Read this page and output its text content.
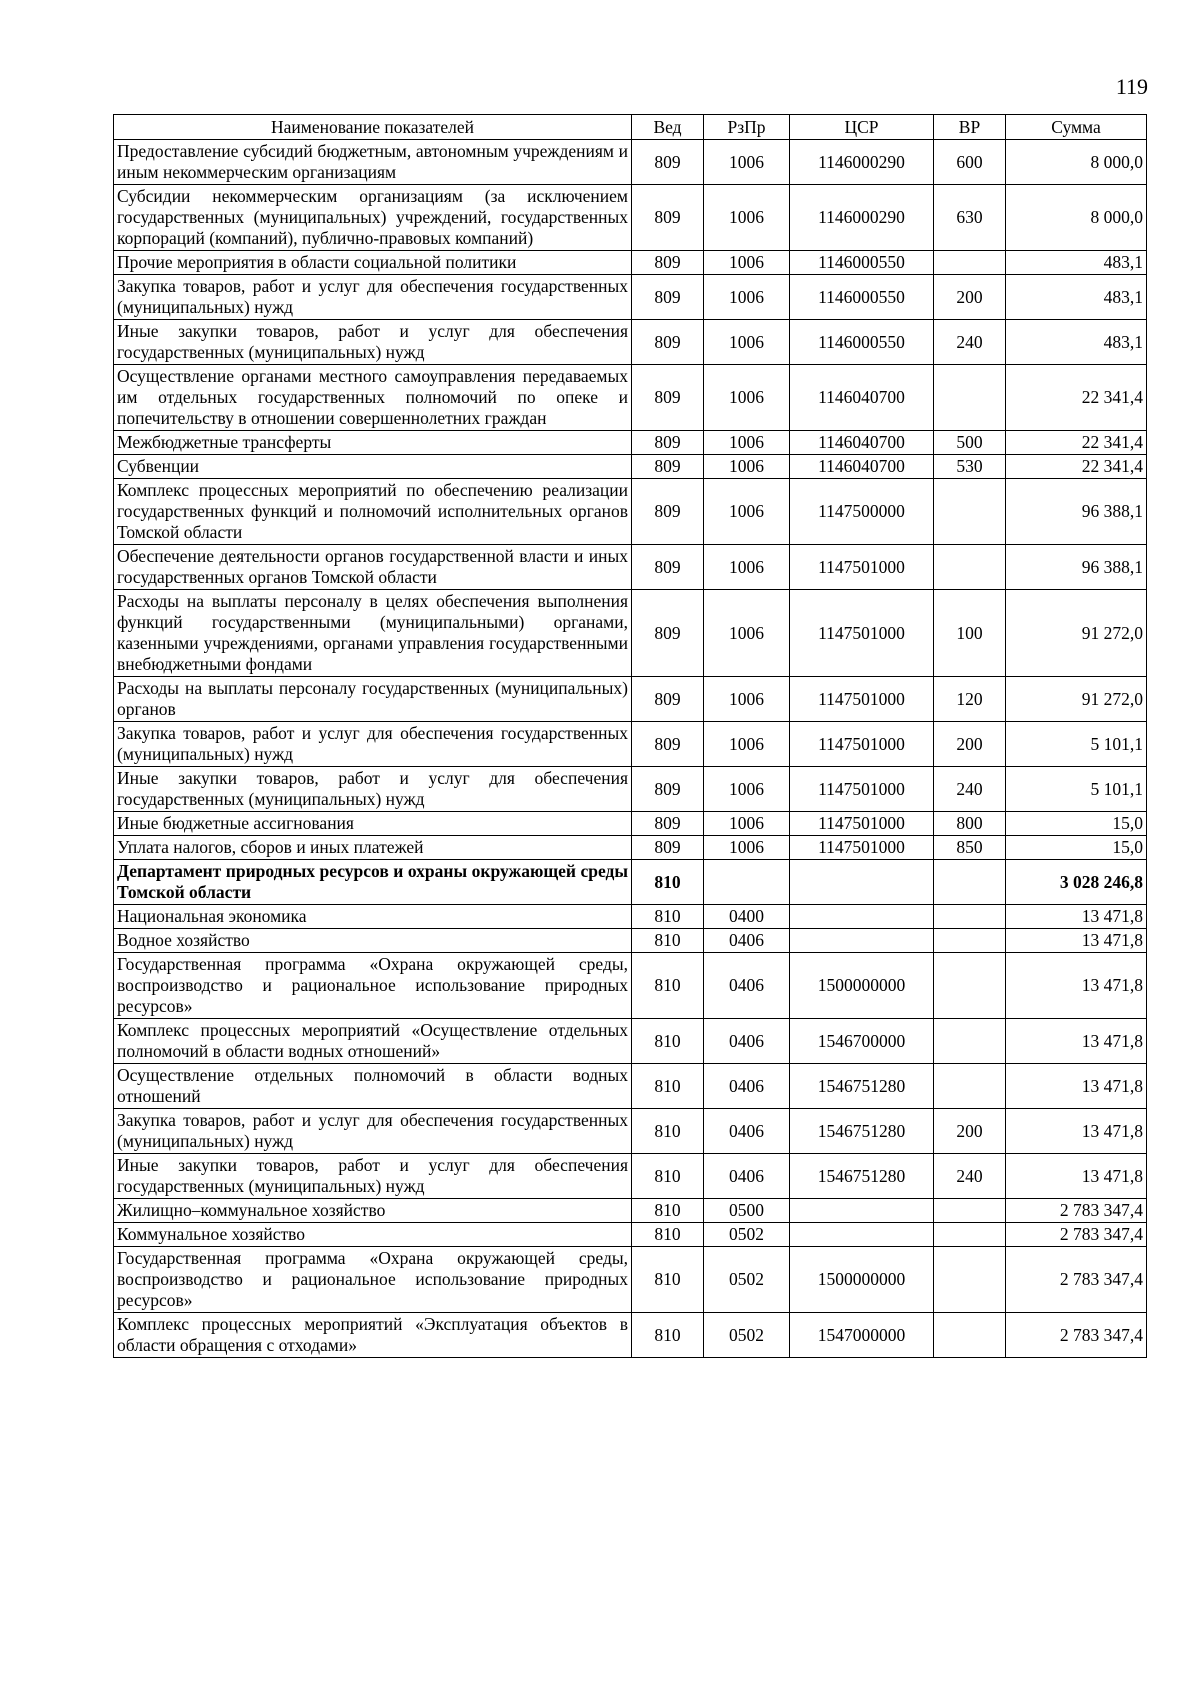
119
Наименование показателей	Вед	РзПр	ЦСР	ВР	Сумма
Предоставление субсидий бюджетным, автономным учреждениям и иным некоммерческим организациям	809	1006	1146000290	600	8 000,0
Субсидии некоммерческим организациям (за исключением государственных (муниципальных) учреждений, государственных корпораций (компаний), публично-правовых компаний)	809	1006	1146000290	630	8 000,0
Прочие мероприятия в области социальной политики	809	1006	1146000550		483,1
Закупка товаров, работ и услуг для обеспечения государственных (муниципальных) нужд	809	1006	1146000550	200	483,1
Иные закупки товаров, работ и услуг для обеспечения государственных (муниципальных) нужд	809	1006	1146000550	240	483,1
Осуществление органами местного самоуправления передаваемых им отдельных государственных полномочий по опеке и попечительству в отношении совершеннолетних граждан	809	1006	1146040700		22 341,4
Межбюджетные трансферты	809	1006	1146040700	500	22 341,4
Субвенции	809	1006	1146040700	530	22 341,4
Комплекс процессных мероприятий по обеспечению реализации государственных функций и полномочий исполнительных органов Томской области	809	1006	1147500000		96 388,1
Обеспечение деятельности органов государственной власти и иных государственных органов Томской области	809	1006	1147501000		96 388,1
Расходы на выплаты персоналу в целях обеспечения выполнения функций государственными (муниципальными) органами, казенными учреждениями, органами управления государственными внебюджетными фондами	809	1006	1147501000	100	91 272,0
Расходы на выплаты персоналу государственных (муниципальных) органов	809	1006	1147501000	120	91 272,0
Закупка товаров, работ и услуг для обеспечения государственных (муниципальных) нужд	809	1006	1147501000	200	5 101,1
Иные закупки товаров, работ и услуг для обеспечения государственных (муниципальных) нужд	809	1006	1147501000	240	5 101,1
Иные бюджетные ассигнования	809	1006	1147501000	800	15,0
Уплата налогов, сборов и иных платежей	809	1006	1147501000	850	15,0
Департамент природных ресурсов и охраны окружающей среды Томской области	810				3 028 246,8
Национальная экономика	810	0400			13 471,8
Водное хозяйство	810	0406			13 471,8
Государственная программа «Охрана окружающей среды, воспроизводство и рациональное использование природных ресурсов»	810	0406	1500000000		13 471,8
Комплекс процессных мероприятий «Осуществление отдельных полномочий в области водных отношений»	810	0406	1546700000		13 471,8
Осуществление отдельных полномочий в области водных отношений	810	0406	1546751280		13 471,8
Закупка товаров, работ и услуг для обеспечения государственных (муниципальных) нужд	810	0406	1546751280	200	13 471,8
Иные закупки товаров, работ и услуг для обеспечения государственных (муниципальных) нужд	810	0406	1546751280	240	13 471,8
Жилищно–коммунальное хозяйство	810	0500			2 783 347,4
Коммунальное хозяйство	810	0502			2 783 347,4
Государственная программа «Охрана окружающей среды, воспроизводство и рациональное использование природных ресурсов»	810	0502	1500000000		2 783 347,4
Комплекс процессных мероприятий «Эксплуатация объектов в области обращения с отходами»	810	0502	1547000000		2 783 347,4
